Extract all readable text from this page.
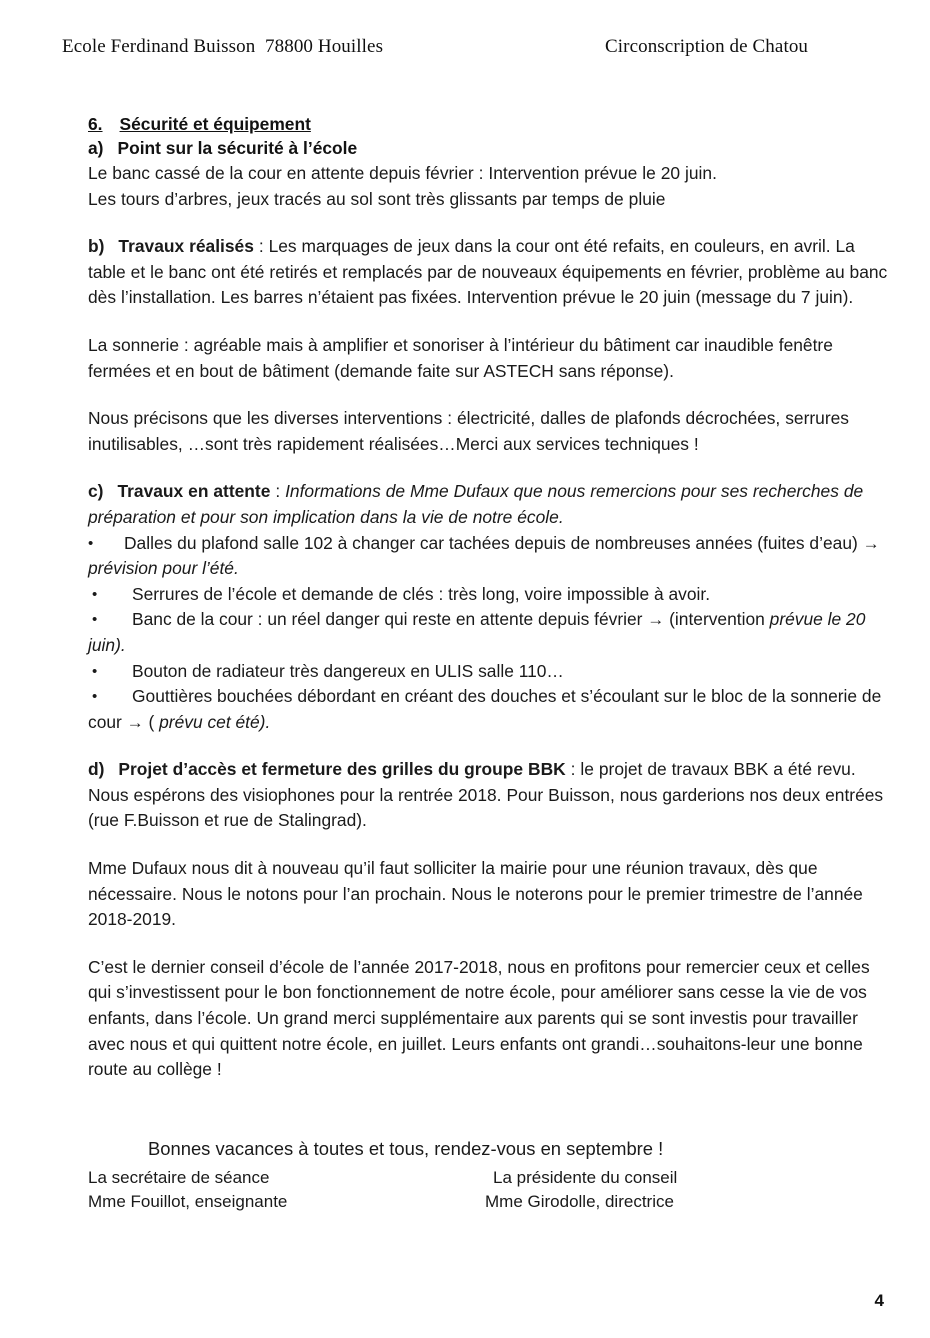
Ecole Ferdinand Buisson  78800 Houilles	Circonscription de Chatou
6. Sécurité et équipement
a) Point sur la sécurité à l’école

Le banc cassé de la cour en attente depuis février : Intervention prévue le 20 juin.

Les tours d’arbres, jeux tracés au sol sont très glissants par temps de pluie

b) Travaux réalisés : Les marquages de jeux dans la cour ont été refaits, en couleurs, en avril. La table et le banc ont été retirés et remplacés par de nouveaux équipements en février, problème au banc dès l’installation. Les barres n’étaient pas fixées. Intervention prévue le 20 juin (message du 7 juin).

La sonnerie : agréable mais à amplifier et sonoriser à l’intérieur du bâtiment car inaudible fenêtre fermées et en bout de bâtiment (demande faite sur ASTECH sans réponse).

Nous précisons que les diverses interventions : électricité, dalles de plafonds décrochées, serrures inutilisables, …sont très rapidement réalisées…Merci aux services techniques !

c) Travaux en attente : Informations de Mme Dufaux que nous remercions pour ses recherches de préparation et pour son implication dans la vie de notre école.

• Dalles du plafond salle 102 à changer car tachées depuis de nombreuses années (fuites d’eau) → prévision pour l’été.
• Serrures de l’école et demande de clés : très long, voire impossible à avoir.
• Banc de la cour : un réel danger qui reste en attente depuis février → (intervention prévue le 20 juin).
• Bouton de radiateur très dangereux en ULIS salle 110…
• Gouttières bouchées débordant en créant des douches et s’écoulant sur le bloc de la sonnerie de cour → ( prévu cet été).

d) Projet d’accès et fermeture des grilles du groupe BBK : le projet de travaux BBK a été revu. Nous espérons des visiophones pour la rentrée 2018. Pour Buisson, nous garderions nos deux entrées (rue F.Buisson et rue de Stalingrad).

Mme Dufaux nous dit à nouveau qu’il faut solliciter la mairie pour une réunion travaux, dès que nécessaire. Nous le notons pour l’an prochain. Nous le noterons pour le premier trimestre de l’année 2018-2019.

C’est le dernier conseil d’école de l’année 2017-2018, nous en profitons pour remercier ceux et celles qui s’investissent pour le bon fonctionnement de notre école, pour améliorer sans cesse la vie de vos enfants, dans l’école. Un grand merci supplémentaire aux parents qui se sont investis pour travailler avec nous et qui quittent notre école, en juillet. Leurs enfants ont grandi…souhaitons-leur une bonne route au collège !

Bonnes vacances à toutes et tous, rendez-vous en septembre !

La secrétaire de séance
Mme Fouillot, enseignante
La présidente du conseil
Mme Girodolle, directrice
4
